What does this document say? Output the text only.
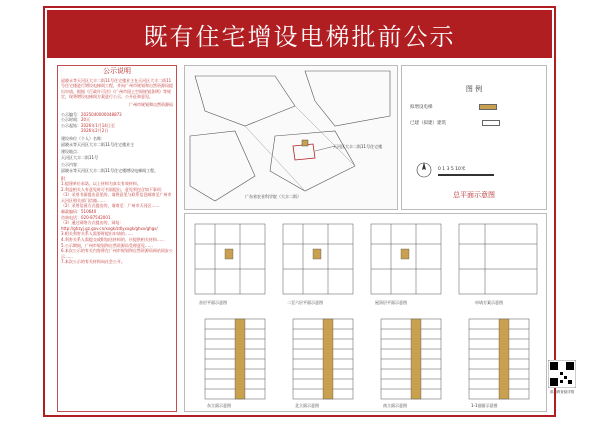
既有住宅增设电梯批前公示
公示说明
邱晓永等天河区大丰二街11号住宅楼业主在天河区大丰二街11号住宅楼进行增设电梯间工程，并向广州市规划和自然资源局提出申请。根据《行政许可法》《广州市国土空间规划条例》等规定，现将增设电梯间方案进行公示，公开征询意见。
广州市规划和自然资源局
公示编号：2025040000048873
公示时间：20天
公示起始：2026年1月14日至
2026年2月2日
建设单位（个人）名称：
邱晓永等天河区大丰二街11号住宅楼业主
建设地点：
天河区大丰二街11号
公示内容：
邱晓永等天河区大丰二街11号住宅楼增设电梯间工程。
附：
1.提建单位承诺，以上材料为真实有效材料。
2.利益相关人有意见时可书面提出，意见须包含如下事项：
（1）采用书面提出意见的，请将意见与联系信息邮寄至广州市天河区相关部门信箱……
（2）采用信函方式提出的，请寄至：广州市天河区……
邮政编码：510640
咨询电话：020-87542001
（3）通过网络方式提出的，网址：
http://ghzyj.gz.gov.cn/xxgk/zdlyxxgk/ghxx/ghgs/
3.相关利害关系人需要时提出申请的……
4.利害关系人需提交或附加送材料的，应提供相关材料……
5.公示期间，广州市规划和自然资源局受理意见……
6.本次公示的有关内容将在广州市规划和自然资源局网站同步公示……
7.本次公示的有关材料向社会公开。
天河区大丰二街11号住宅楼
广东省农业科学院（大丰二街）
图 例
拟增设电梯
已建（拟建）建筑
0 1 3 5 10米
总平面示意图
首层平面示意图	二至六层平面示意图	屋顶层平面示意图	申请方案示意图
东立面示意图	北立面示意图	南立面示意图	1-1剖面示意图
请扫码查阅详情
